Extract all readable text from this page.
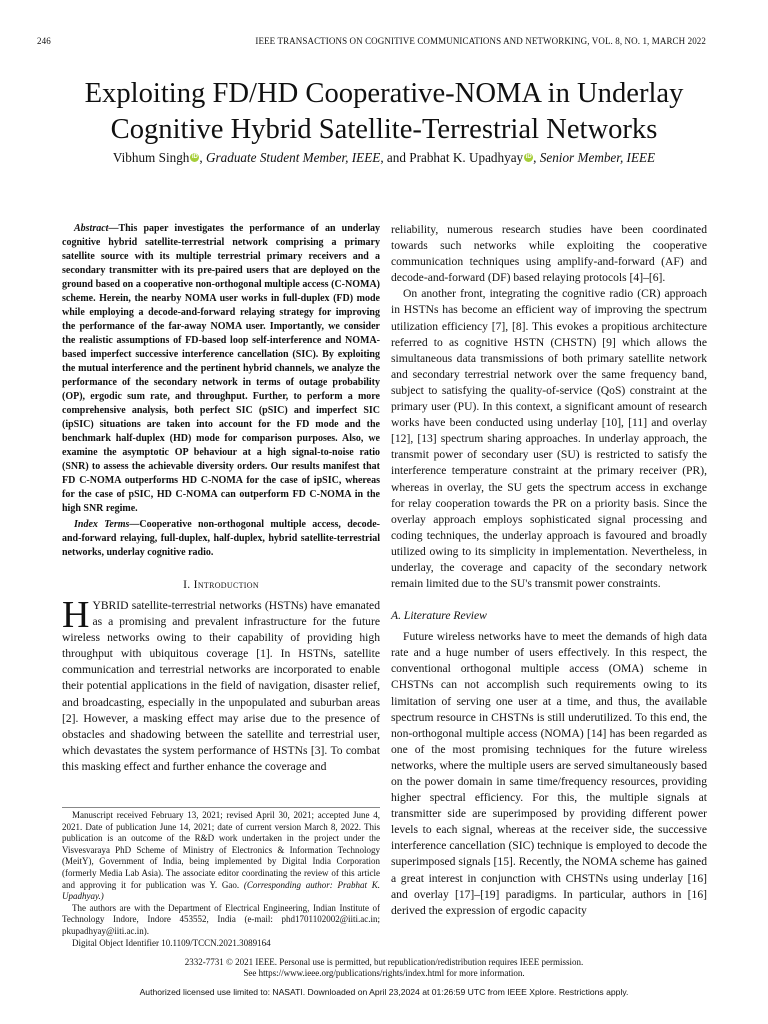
246	IEEE TRANSACTIONS ON COGNITIVE COMMUNICATIONS AND NETWORKING, VOL. 8, NO. 1, MARCH 2022
Exploiting FD/HD Cooperative-NOMA in Underlay
Cognitive Hybrid Satellite-Terrestrial Networks
Vibhum Singh iD , Graduate Student Member, IEEE, and Prabhat K. Upadhyay iD , Senior Member, IEEE

Abstract—This paper investigates the performance of an underlay cognitive hybrid satellite-terrestrial network comprising a primary satellite source with its multiple terrestrial primary receivers and a secondary transmitter with its pre-paired users that are deployed on the ground based on a cooperative non-orthogonal multiple access (C-NOMA) scheme. Herein, the nearby NOMA user works in full-duplex (FD) mode while employing a decode-and-forward relaying strategy for improving the performance of the far-away NOMA user. Importantly, we consider the realistic assumptions of FD-based loop self-interference and NOMA-based imperfect successive interference cancellation (SIC). By exploiting the mutual interference and the pertinent hybrid channels, we analyze the performance of the secondary network in terms of outage probability (OP), ergodic sum rate, and throughput. Further, to perform a more comprehensive analysis, both perfect SIC (pSIC) and imperfect SIC (ipSIC) situations are taken into account for the FD mode and the benchmark half-duplex (HD) mode for comparison purposes. Also, we examine the asymptotic OP behaviour at a high signal-to-noise ratio (SNR) to assess the achievable diversity orders. Our results manifest that FD C-NOMA outperforms HD C-NOMA for the case of ipSIC, whereas for the case of pSIC, HD C-NOMA can outperform FD C-NOMA in the high SNR regime.

Index Terms—Cooperative non-orthogonal multiple access, decode-and-forward relaying, full-duplex, half-duplex, hybrid satellite-terrestrial networks, underlay cognitive radio.

I. Introduction

HYBRID satellite-terrestrial networks (HSTNs) have emanated as a promising and prevalent infrastructure for the future wireless networks owing to their capability of providing high throughput with ubiquitous coverage [1]. In HSTNs, satellite communication and terrestrial networks are incorporated to enable their potential applications in the field of navigation, disaster relief, and broadcasting, especially in the unpopulated and suburban areas [2]. However, a masking effect may arise due to the presence of obstacles and shadowing between the satellite and terrestrial user, which devastates the system performance of HSTNs [3]. To combat this masking effect and further enhance the coverage and

Manuscript received February 13, 2021; revised April 30, 2021; accepted June 4, 2021. Date of publication June 14, 2021; date of current version March 8, 2022. This publication is an outcome of the R&D work undertaken in the project under the Visvesvaraya PhD Scheme of Ministry of Electronics & Information Technology (MeitY), Government of India, being implemented by Digital India Corporation (formerly Media Lab Asia). The associate editor coordinating the review of this article and approving it for publication was Y. Gao. (Corresponding author: Prabhat K. Upadhyay.)

The authors are with the Department of Electrical Engineering, Indian Institute of Technology Indore, Indore 453552, India (e-mail: phd1701102002@iiti.ac.in; pkupadhyay@iiti.ac.in).

Digital Object Identifier 10.1109/TCCN.2021.3089164

reliability, numerous research studies have been coordinated towards such networks while exploiting the cooperative communication techniques using amplify-and-forward (AF) and decode-and-forward (DF) based relaying protocols [4]–[6].

On another front, integrating the cognitive radio (CR) approach in HSTNs has become an efficient way of improving the spectrum utilization efficiency [7], [8]. This evokes a propitious architecture referred to as cognitive HSTN (CHSTN) [9] which allows the simultaneous data transmissions of both primary satellite network and secondary terrestrial network over the same frequency band, subject to satisfying the quality-of-service (QoS) constraint at the primary user (PU). In this context, a significant amount of research works have been conducted using underlay [10], [11] and overlay [12], [13] spectrum sharing approaches. In underlay approach, the transmit power of secondary user (SU) is restricted to satisfy the interference temperature constraint at the primary receiver (PR), whereas in overlay, the SU gets the spectrum access in exchange for relay cooperation towards the PR on a priority basis. Since the overlay approach employs sophisticated signal processing and coding techniques, the underlay approach is favoured and broadly utilized owing to its simplicity in implementation. Nevertheless, in underlay, the coverage and capacity of the secondary network remain limited due to the SU's transmit power constraints.

A. Literature Review

Future wireless networks have to meet the demands of high data rate and a huge number of users effectively. In this respect, the conventional orthogonal multiple access (OMA) scheme in CHSTNs can not accomplish such requirements owing to its limitation of serving one user at a time, and thus, the available spectrum resource in CHSTNs is still underutilized. To this end, the non-orthogonal multiple access (NOMA) [14] has been regarded as one of the most promising techniques for the future wireless networks, where the multiple users are served simultaneously based on the power domain in same time/frequency resources, providing higher spectral efficiency. For this, the multiple signals at transmitter side are superimposed by providing different power levels to each signal, whereas at the receiver side, the successive interference cancellation (SIC) technique is employed to decode the superimposed signals [15]. Recently, the NOMA scheme has gained a great interest in conjunction with CHSTNs using underlay [16] and overlay [17]–[19] paradigms. In particular, authors in [16] derived the expression of ergodic capacity

2332-7731 © 2021 IEEE. Personal use is permitted, but republication/redistribution requires IEEE permission.
See https://www.ieee.org/publications/rights/index.html for more information.
Authorized licensed use limited to: NASATI. Downloaded on April 23,2024 at 01:26:59 UTC from IEEE Xplore. Restrictions apply.
